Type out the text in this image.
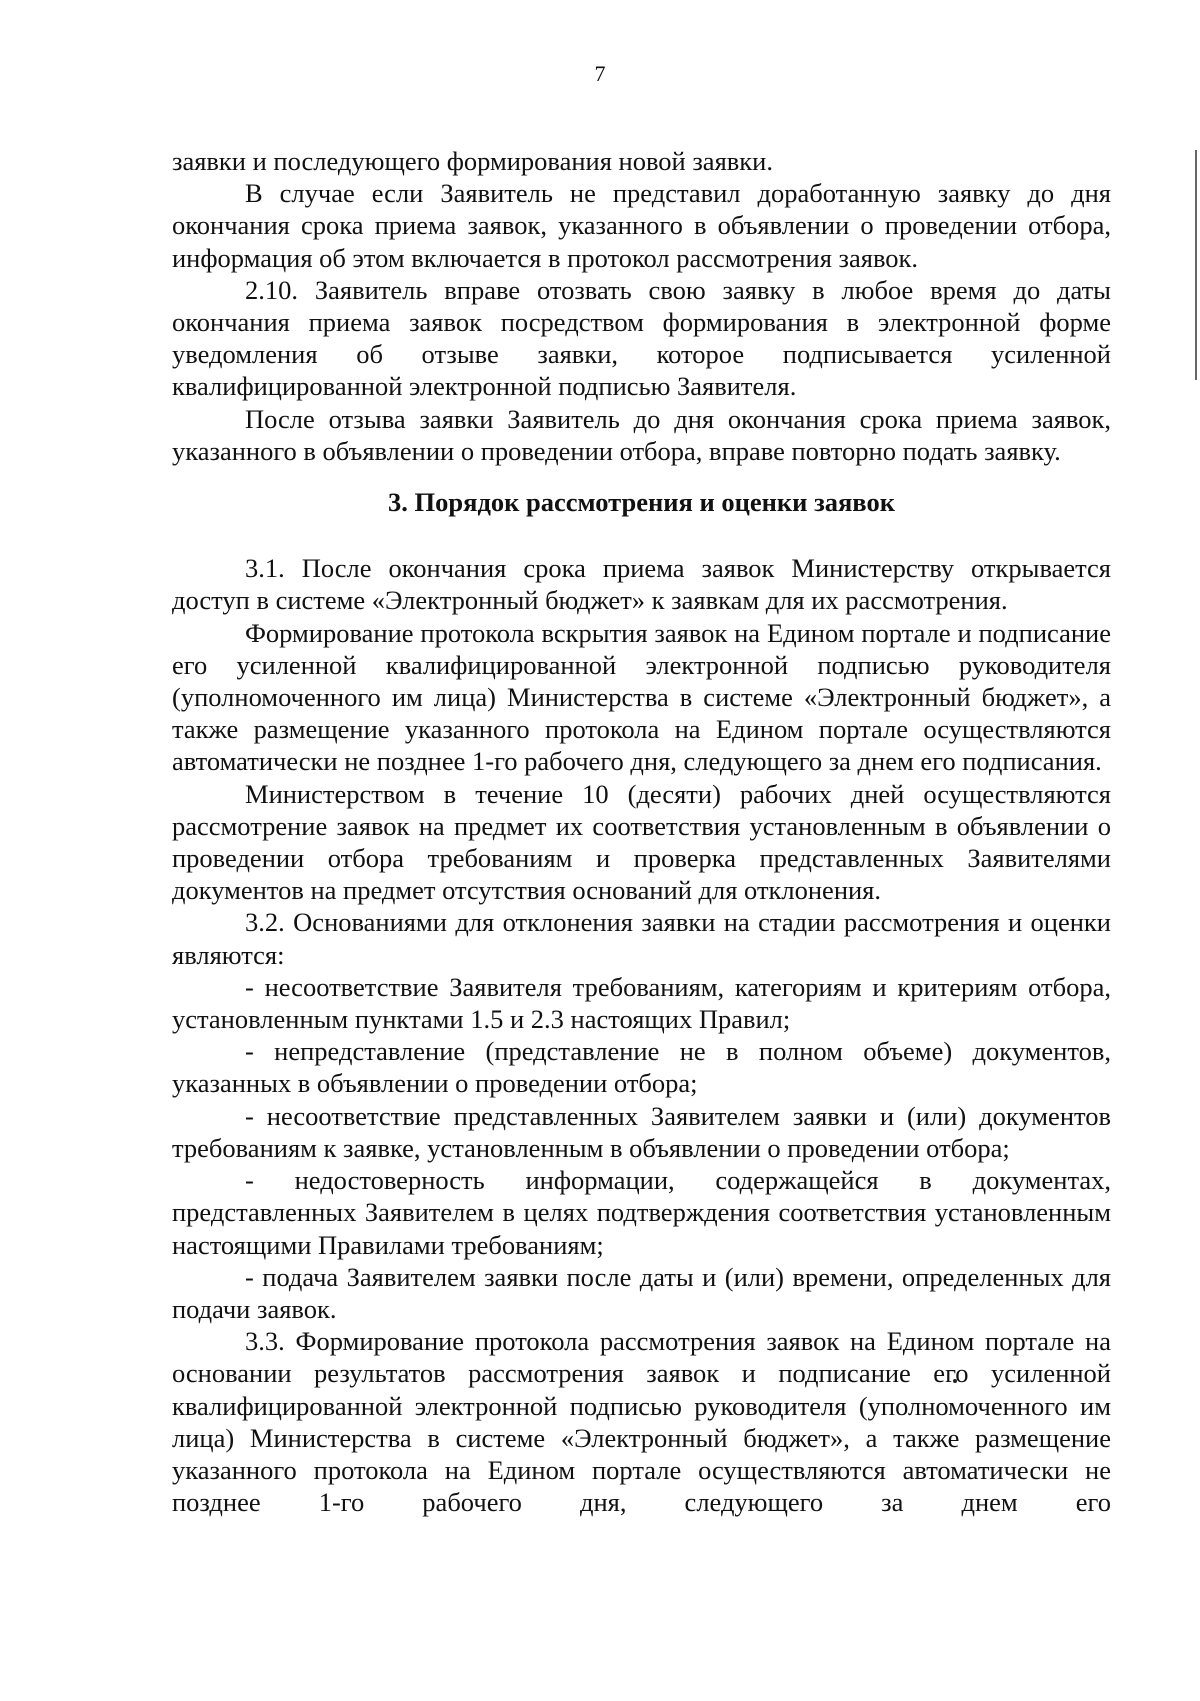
7

заявки и последующего формирования новой заявки.

В случае если Заявитель не представил доработанную заявку до дня окончания срока приема заявок, указанного в объявлении о проведении отбора, информация об этом включается в протокол рассмотрения заявок.

2.10. Заявитель вправе отозвать свою заявку в любое время до даты окончания приема заявок посредством формирования в электронной форме уведомления об отзыве заявки, которое подписывается усиленной квалифицированной электронной подписью Заявителя.

После отзыва заявки Заявитель до дня окончания срока приема заявок, указанного в объявлении о проведении отбора, вправе повторно подать заявку.

3. Порядок рассмотрения и оценки заявок

3.1. После окончания срока приема заявок Министерству открывается доступ в системе «Электронный бюджет» к заявкам для их рассмотрения.

Формирование протокола вскрытия заявок на Едином портале и подписание его усиленной квалифицированной электронной подписью руководителя (уполномоченного им лица) Министерства в системе «Электронный бюджет», а также размещение указанного протокола на Едином портале осуществляются автоматически не позднее 1-го рабочего дня, следующего за днем его подписания.

Министерством в течение 10 (десяти) рабочих дней осуществляются рассмотрение заявок на предмет их соответствия установленным в объявлении о проведении отбора требованиям и проверка представленных Заявителями документов на предмет отсутствия оснований для отклонения.

3.2. Основаниями для отклонения заявки на стадии рассмотрения и оценки являются:

- несоответствие Заявителя требованиям, категориям и критериям отбора, установленным пунктами 1.5 и 2.3 настоящих Правил;

- непредставление (представление не в полном объеме) документов, указанных в объявлении о проведении отбора;

- несоответствие представленных Заявителем заявки и (или) документов требованиям к заявке, установленным в объявлении о проведении отбора;

- недостоверность информации, содержащейся в документах, представленных Заявителем в целях подтверждения соответствия установленным настоящими Правилами требованиям;

- подача Заявителем заявки после даты и (или) времени, определенных для подачи заявок.

3.3. Формирование протокола рассмотрения заявок на Едином портале на основании результатов рассмотрения заявок и подписание его усиленной квалифицированной электронной подписью руководителя (уполномоченного им лица) Министерства в системе «Электронный бюджет», а также размещение указанного протокола на Едином портале осуществляются автоматически не позднее 1-го рабочего дня, следующего за днем его
